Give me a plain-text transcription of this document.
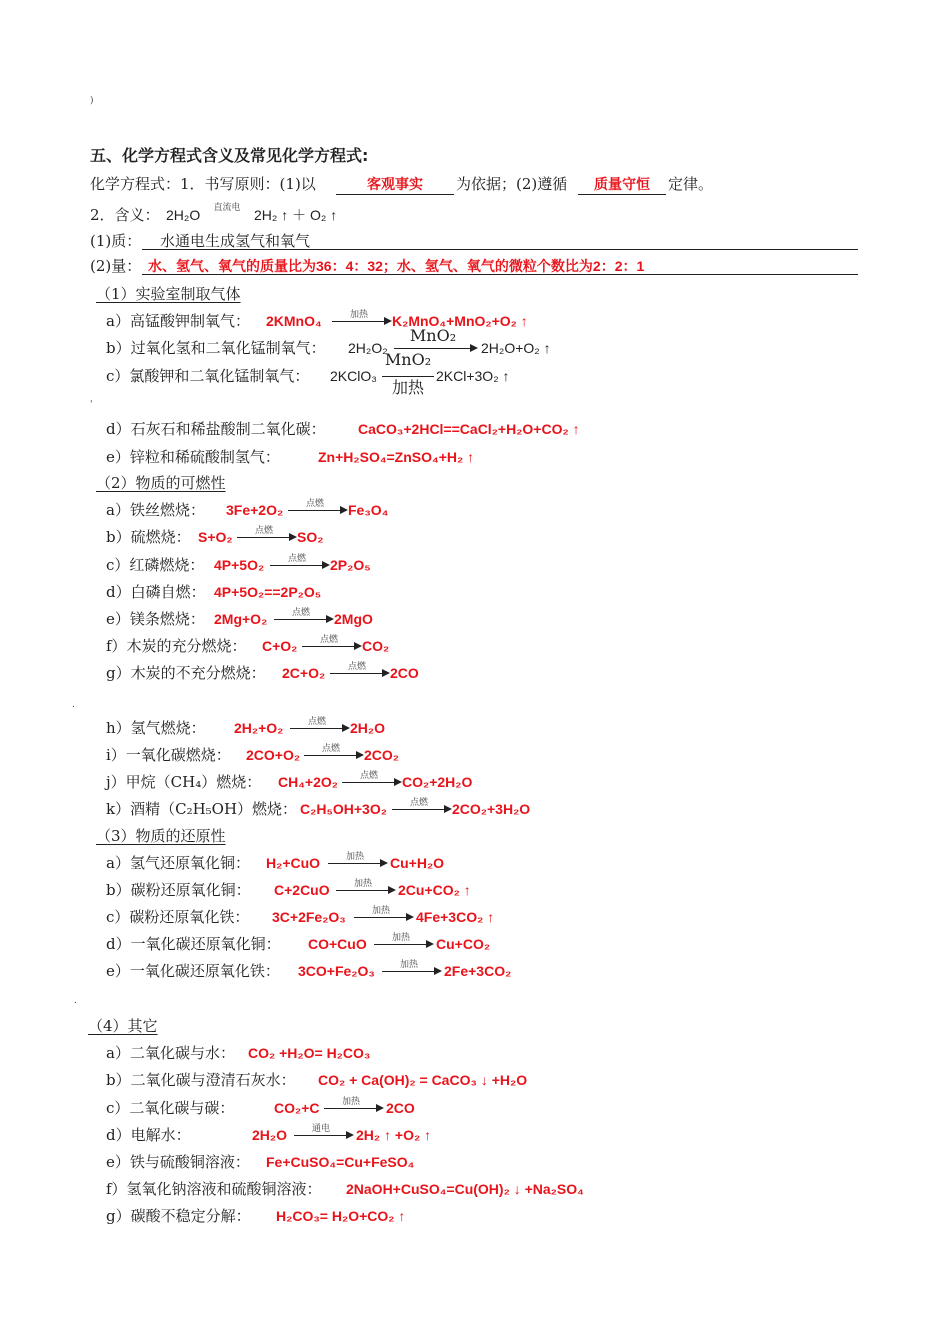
)
五、化学方程式含义及常见化学方程式:
化学方程式：1．书写原则：(1)以	客观事实	为依据；(2)遵循	质量守恒	定律。
2．含义： 2H₂O	直流电 2H₂ ↑ ＋ O₂ ↑
(1)质： 水通电生成氢气和氧气
(2)量： 水、氢气、氧气的质量比为36：4：32；水、氢气、氧气的微粒个数比为2：2：1
（1）实验室制取气体
a）高锰酸钾制氧气： 2KMnO₄	加热	K₂MnO₄+MnO₂+O₂ ↑
b）过氧化氢和二氧化锰制氧气： 2H₂O₂
MnO₂
2H₂O+O₂ ↑
c）氯酸钾和二氧化锰制氧气： 2KClO₃
MnO₂
加热
2KCl+3O₂ ↑
'
d）石灰石和稀盐酸制二氧化碳： CaCO₃+2HCl==CaCl₂+H₂O+CO₂ ↑
e）锌粒和稀硫酸制氢气：	Zn+H₂SO₄=ZnSO₄+H₂ ↑
（2）物质的可燃性
a）铁丝燃烧： 3Fe+2O₂	点燃	Fe₃O₄
b）硫燃烧： S+O₂	点燃	SO₂
c）红磷燃烧： 4P+5O₂	点燃	2P₂O₅
d）白磷自燃： 4P+5O₂==2P₂O₅
e）镁条燃烧： 2Mg+O₂	点燃	2MgO
f）木炭的充分燃烧： C+O₂	点燃	CO₂
g）木炭的不充分燃烧： 2C+O₂	点燃	2CO
.
h）氢气燃烧： 2H₂+O₂	点燃	2H₂O
i）一氧化碳燃烧： 2CO+O₂	点燃	2CO₂
j）甲烷（CH₄）燃烧： CH₄+2O₂	点燃	CO₂+2H₂O
k）酒精（C₂H₅OH）燃烧： C₂H₅OH+3O₂	点燃	2CO₂+3H₂O
（3）物质的还原性
a）氢气还原氧化铜： H₂+CuO	加热	Cu+H₂O
b）碳粉还原氧化铜： C+2CuO	加热	2Cu+CO₂ ↑
c）碳粉还原氧化铁： 3C+2Fe₂O₃	加热	4Fe+3CO₂ ↑
d）一氧化碳还原氧化铜： CO+CuO	加热	Cu+CO₂
e）一氧化碳还原氧化铁： 3CO+Fe₂O₃	加热	2Fe+3CO₂
.
（4）其它
a）二氧化碳与水： CO₂ +H₂O= H₂CO₃
b）二氧化碳与澄清石灰水： CO₂ + Ca(OH)₂ = CaCO₃ ↓ +H₂O
c）二氧化碳与碳：	CO₂+C	加热	2CO
d）电解水：	2H₂O	通电	2H₂ ↑ +O₂ ↑
e）铁与硫酸铜溶液： Fe+CuSO₄=Cu+FeSO₄
f）氢氧化钠溶液和硫酸铜溶液： 2NaOH+CuSO₄=Cu(OH)₂ ↓ +Na₂SO₄
g）碳酸不稳定分解： H₂CO₃= H₂O+CO₂ ↑
